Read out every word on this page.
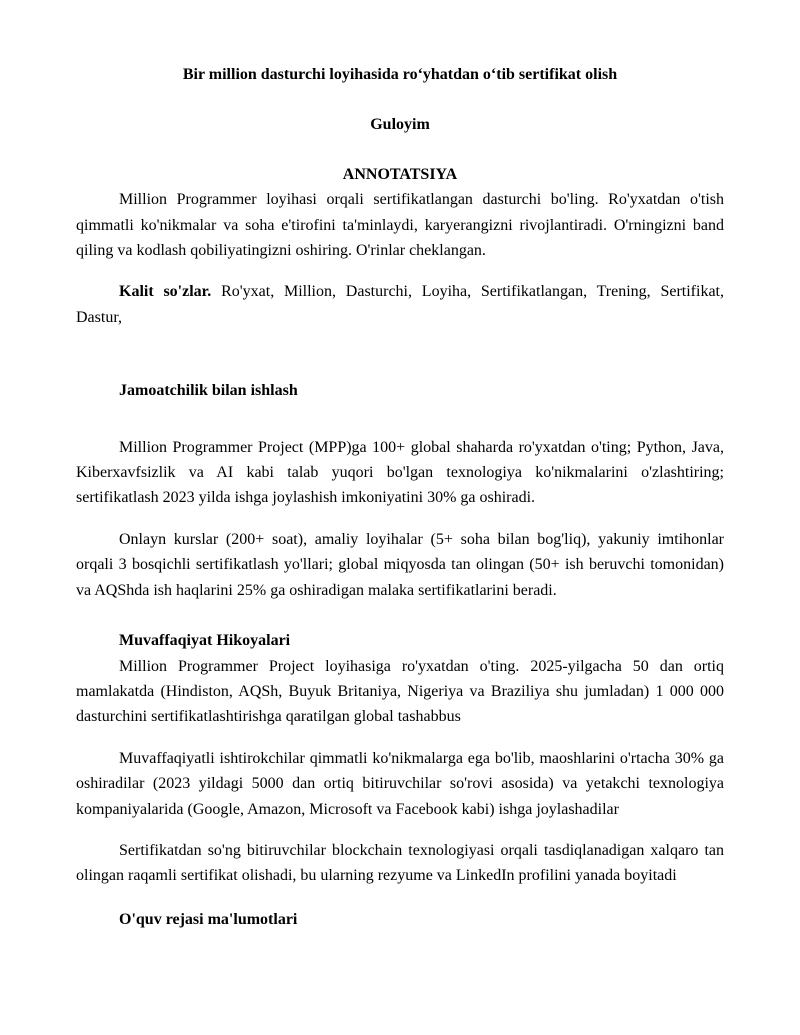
Bir million dasturchi loyihasida roʻyhatdan oʻtib sertifikat olish

Guloyim

ANNOTATSIYA

Million Programmer loyihasi orqali sertifikatlangan dasturchi bo'ling. Ro'yxatdan o'tish qimmatli ko'nikmalar va soha e'tirofini ta'minlaydi, karyerangizni rivojlantiradi. O'rningizni band qiling va kodlash qobiliyatingizni oshiring. O'rinlar cheklangan.

Kalit so'zlar. Ro'yxat, Million, Dasturchi, Loyiha, Sertifikatlangan, Trening, Sertifikat, Dastur,

Jamoatchilik bilan ishlash

Million Programmer Project (MPP)ga 100+ global shaharda ro'yxatdan o'ting; Python, Java, Kiberxavfsizlik va AI kabi talab yuqori bo'lgan texnologiya ko'nikmalarini o'zlashtiring; sertifikatlash 2023 yilda ishga joylashish imkoniyatini 30% ga oshiradi.

Onlayn kurslar (200+ soat), amaliy loyihalar (5+ soha bilan bog'liq), yakuniy imtihonlar orqali 3 bosqichli sertifikatlash yo'llari; global miqyosda tan olingan (50+ ish beruvchi tomonidan) va AQShda ish haqlarini 25% ga oshiradigan malaka sertifikatlarini beradi.

Muvaffaqiyat Hikoyalari

Million Programmer Project loyihasiga ro'yxatdan o'ting. 2025-yilgacha 50 dan ortiq mamlakatda (Hindiston, AQSh, Buyuk Britaniya, Nigeriya va Braziliya shu jumladan) 1 000 000 dasturchini sertifikatlashtirishga qaratilgan global tashabbus

Muvaffaqiyatli ishtirokchilar qimmatli ko'nikmalarga ega bo'lib, maoshlarini o'rtacha 30% ga oshiradilar (2023 yildagi 5000 dan ortiq bitiruvchilar so'rovi asosida) va yetakchi texnologiya kompaniyalarida (Google, Amazon, Microsoft va Facebook kabi) ishga joylashadilar

Sertifikatdan so'ng bitiruvchilar blockchain texnologiyasi orqali tasdiqlanadigan xalqaro tan olingan raqamli sertifikat olishadi, bu ularning rezyume va LinkedIn profilini yanada boyitadi

O'quv rejasi ma'lumotlari
